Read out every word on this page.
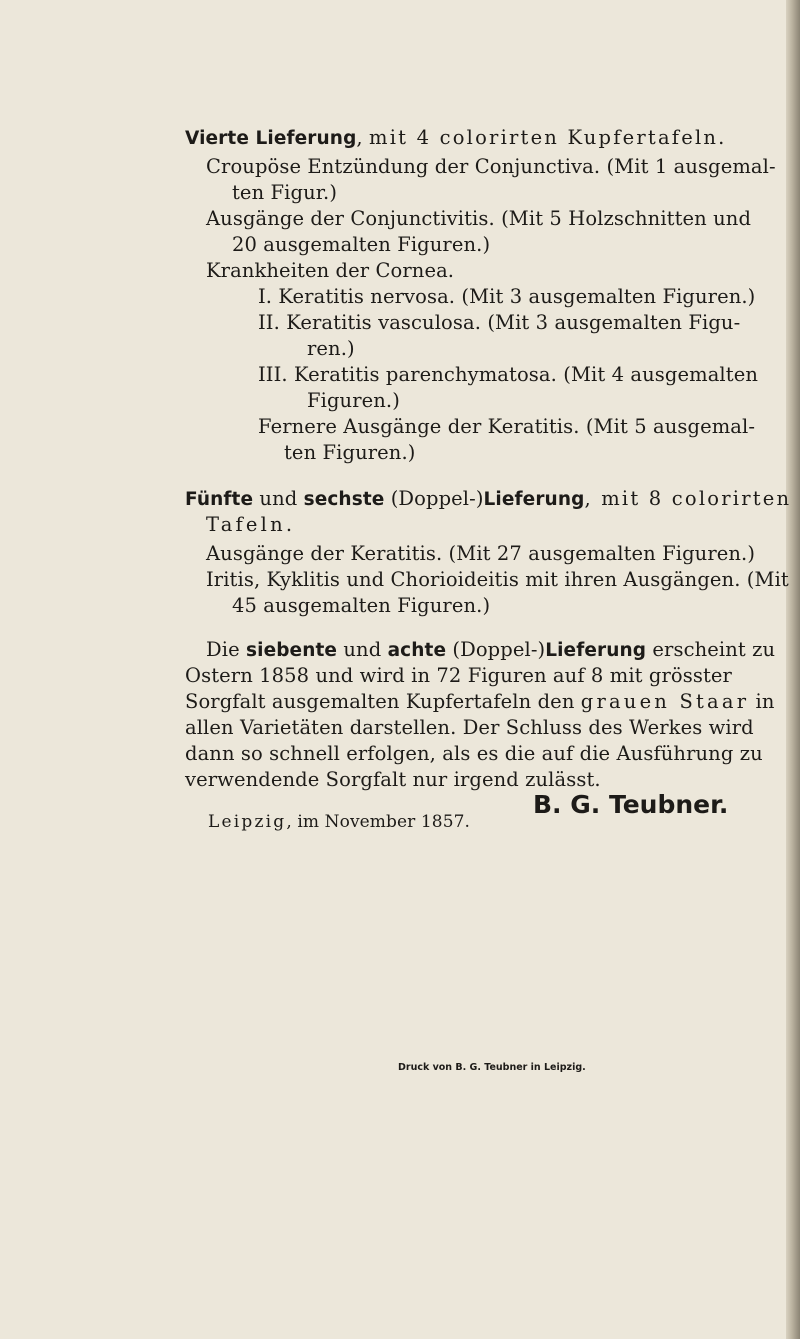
Vierte Lieferung, mit 4 colorirten Kupfertafeln.
Croupöse Entzündung der Conjunctiva. (Mit 1 ausgemal-
ten Figur.)
Ausgänge der Conjunctivitis. (Mit 5 Holzschnitten und
20 ausgemalten Figuren.)
Krankheiten der Cornea.
I. Keratitis nervosa. (Mit 3 ausgemalten Figuren.)
II. Keratitis vasculosa. (Mit 3 ausgemalten Figu-
ren.)
III. Keratitis parenchymatosa. (Mit 4 ausgemalten
Figuren.)
Fernere Ausgänge der Keratitis. (Mit 5 ausgemal-
ten Figuren.)
Fünfte und sechste (Doppel-)Lieferung, mit 8 colorirten
Tafeln.
Ausgänge der Keratitis. (Mit 27 ausgemalten Figuren.)
Iritis, Kyklitis und Chorioideitis mit ihren Ausgängen. (Mit
45 ausgemalten Figuren.)
Die siebente und achte (Doppel-)Lieferung erscheint zu
Ostern 1858 und wird in 72 Figuren auf 8 mit grösster
Sorgfalt ausgemalten Kupfertafeln den grauen Staar in
allen Varietäten darstellen. Der Schluss des Werkes wird
dann so schnell erfolgen, als es die auf die Ausführung zu
verwendende Sorgfalt nur irgend zulässt.
Leipzig, im November 1857.
B. G. Teubner.
Druck von B. G. Teubner in Leipzig.
